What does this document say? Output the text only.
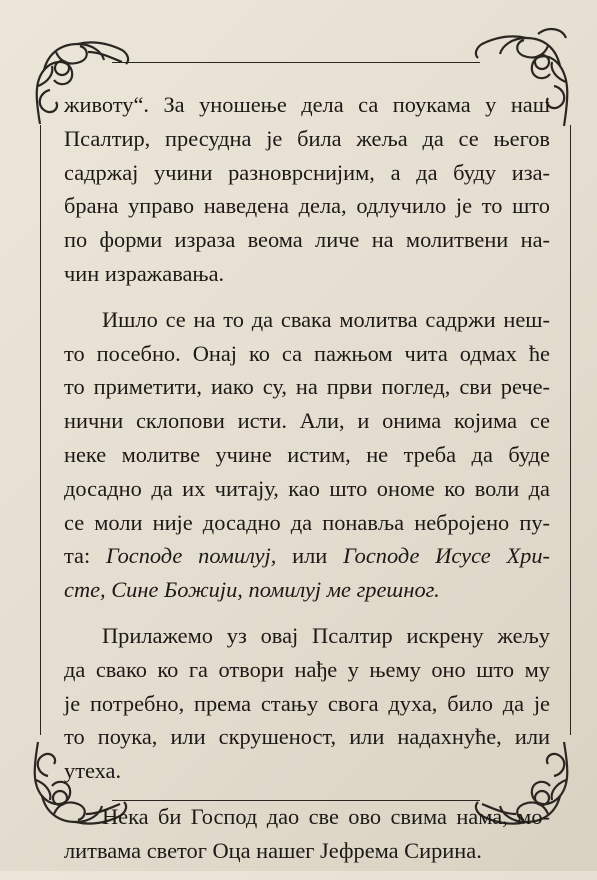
животу“. За уношење дела са поукама у наш
Псалтир, пресудна је била жеља да се његов
садржај учини разноврснијим, а да буду иза-
брана управо наведена дела, одлучило је то што
по форми израза веома личе на молитвени на-
чин изражавања.

Ишло се на то да свака молитва садржи неш-
то посебно. Онај ко са пажњом чита одмах ће
то приметити, иако су, на први поглед, сви рече-
нични склопови исти. Али, и онима којима се
неке молитве учине истим, не треба да буде
досадно да их читају, као што ономе ко воли да
се моли није досадно да понавља небројено пу-
та: Господе помилуј, или Господе Исусе Хри-
сте, Сине Божији, помилуј ме грешног.

Прилажемо уз овај Псалтир искрену жељу
да свако ко га отвори нађе у њему оно што му
је потребно, према стању свога духа, било да је
то поука, или скрушеност, или надахнуће, или
утеха.

Нека би Господ дао све ово свима нама, мо-
литвама светог Оца нашег Јефрема Сирина.
